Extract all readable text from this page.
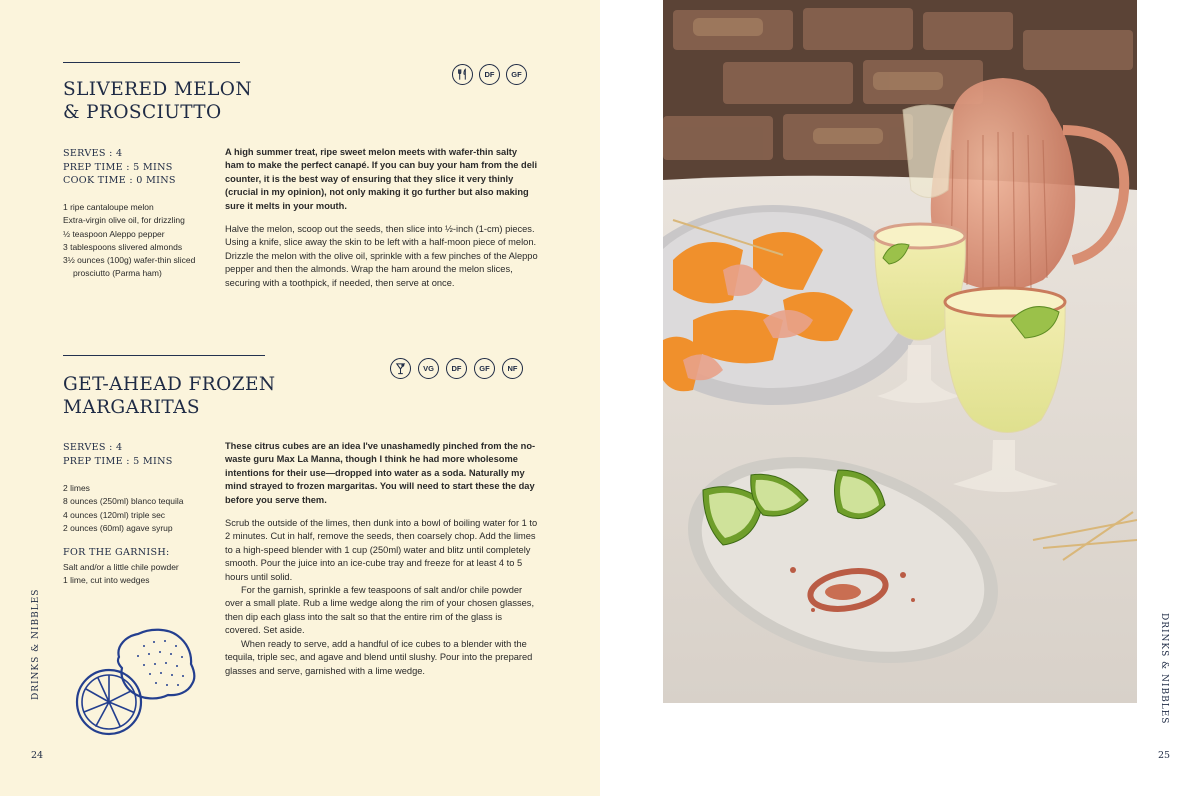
SLIVERED MELON
& PROSCIUTTO
DF	GF
SERVES : 4
PREP TIME : 5 MINS
COOK TIME : 0 MINS
1 ripe cantaloupe melon
Extra-virgin olive oil, for drizzling
½ teaspoon Aleppo pepper
3 tablespoons slivered almonds
3½ ounces (100g) wafer-thin sliced prosciutto (Parma ham)

A high summer treat, ripe sweet melon meets with wafer-thin salty ham to make the perfect canapé. If you can buy your ham from the deli counter, it is the best way of ensuring that they slice it very thinly (crucial in my opinion), not only making it go further but also making sure it melts in your mouth.

Halve the melon, scoop out the seeds, then slice into ½-inch (1-cm) pieces. Using a knife, slice away the skin to be left with a half-moon piece of melon. Drizzle the melon with the olive oil, sprinkle with a few pinches of the Aleppo pepper and then the almonds. Wrap the ham around the melon slices, securing with a toothpick, if needed, then serve at once.

GET-AHEAD FROZEN
MARGARITAS
VG	DF	GF	NF
SERVES : 4
PREP TIME : 5 MINS
2 limes
8 ounces (250ml) blanco tequila
4 ounces (120ml) triple sec
2 ounces (60ml) agave syrup
FOR THE GARNISH:
Salt and/or a little chile powder
1 lime, cut into wedges

These citrus cubes are an idea I've unashamedly pinched from the no-waste guru Max La Manna, though I think he had more wholesome intentions for their use—dropped into water as a soda. Naturally my mind strayed to frozen margaritas. You will need to start these the day before you serve them.

Scrub the outside of the limes, then dunk into a bowl of boiling water for 1 to 2 minutes. Cut in half, remove the seeds, then coarsely chop. Add the limes to a high-speed blender with 1 cup (250ml) water and blitz until completely smooth. Pour the juice into an ice-cube tray and freeze for at least 4 to 5 hours until solid.

For the garnish, sprinkle a few teaspoons of salt and/or chile powder over a small plate. Rub a lime wedge along the rim of your chosen glasses, then dip each glass into the salt so that the entire rim of the glass is covered. Set aside.

When ready to serve, add a handful of ice cubes to a blender with the tequila, triple sec, and agave and blend until slushy. Pour into the prepared glasses and serve, garnished with a lime wedge.

DRINKS & NIBBLES
24
DRINKS & NIBBLES
25
